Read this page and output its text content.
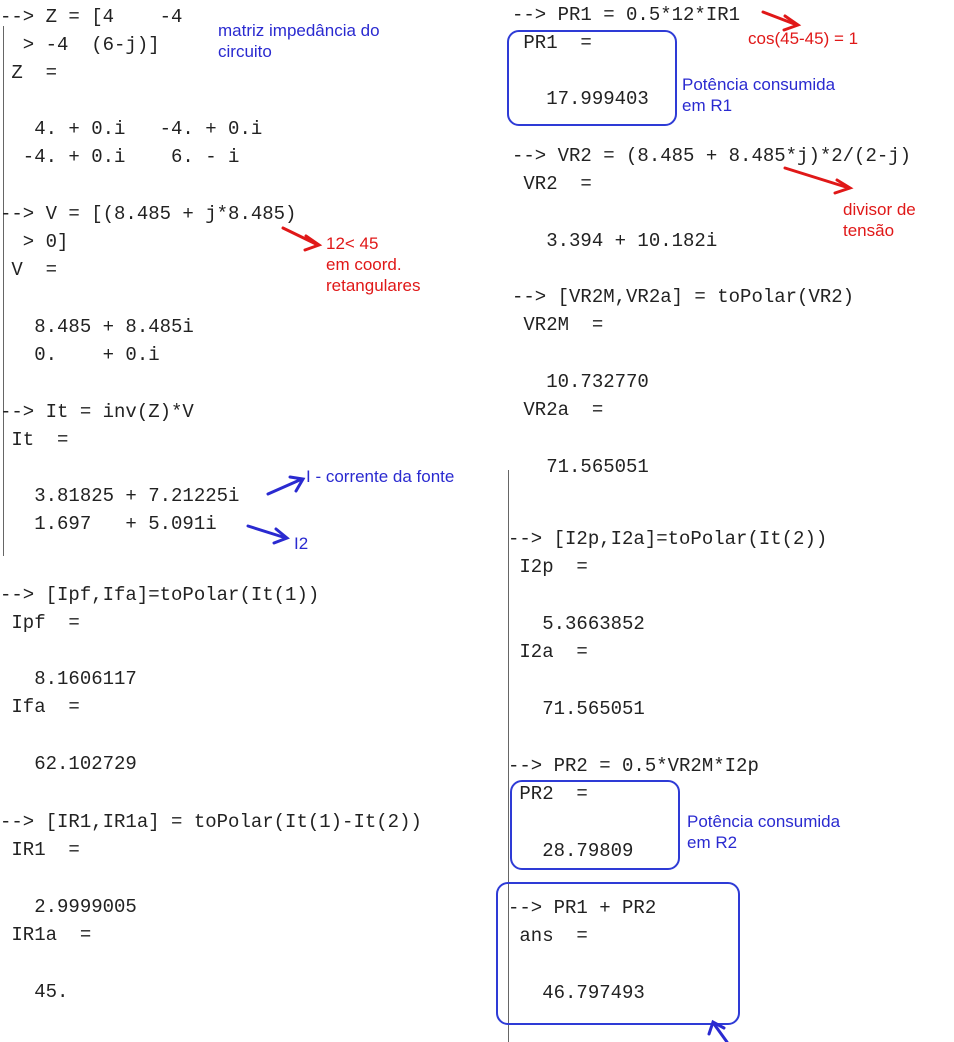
--> Z = [4    -4
> -4  (6-j)]
Z  =
4. + 0.i   -4. + 0.i
-4. + 0.i    6. - i
--> V = [(8.485 + j*8.485)
> 0]
V  =
8.485 + 8.485i
0.    + 0.i
--> It = inv(Z)*V
It  =
3.81825 + 7.21225i
1.697   + 5.091i
--> [Ipf,Ifa]=toPolar(It(1))
Ipf  =
8.1606117
Ifa  =
62.102729
--> [IR1,IR1a] = toPolar(It(1)-It(2))
IR1  =
2.9999005
IR1a  =
45.
--> PR1 = 0.5*12*IR1
PR1  =
17.999403
--> VR2 = (8.485 + 8.485*j)*2/(2-j)
VR2  =
3.394 + 10.182i
--> [VR2M,VR2a] = toPolar(VR2)
VR2M  =
10.732770
VR2a  =
71.565051
--> [I2p,I2a]=toPolar(It(2))
I2p  =
5.3663852
I2a  =
71.565051
--> PR2 = 0.5*VR2M*I2p
PR2  =
28.79809
--> PR1 + PR2
ans  =
46.797493
matriz impedância do
circuito
12< 45
em coord.
retangulares
I - corrente da fonte
I2
cos(45-45) = 1
Potência consumida
em R1
divisor de
tensão
Potência consumida
em R2
